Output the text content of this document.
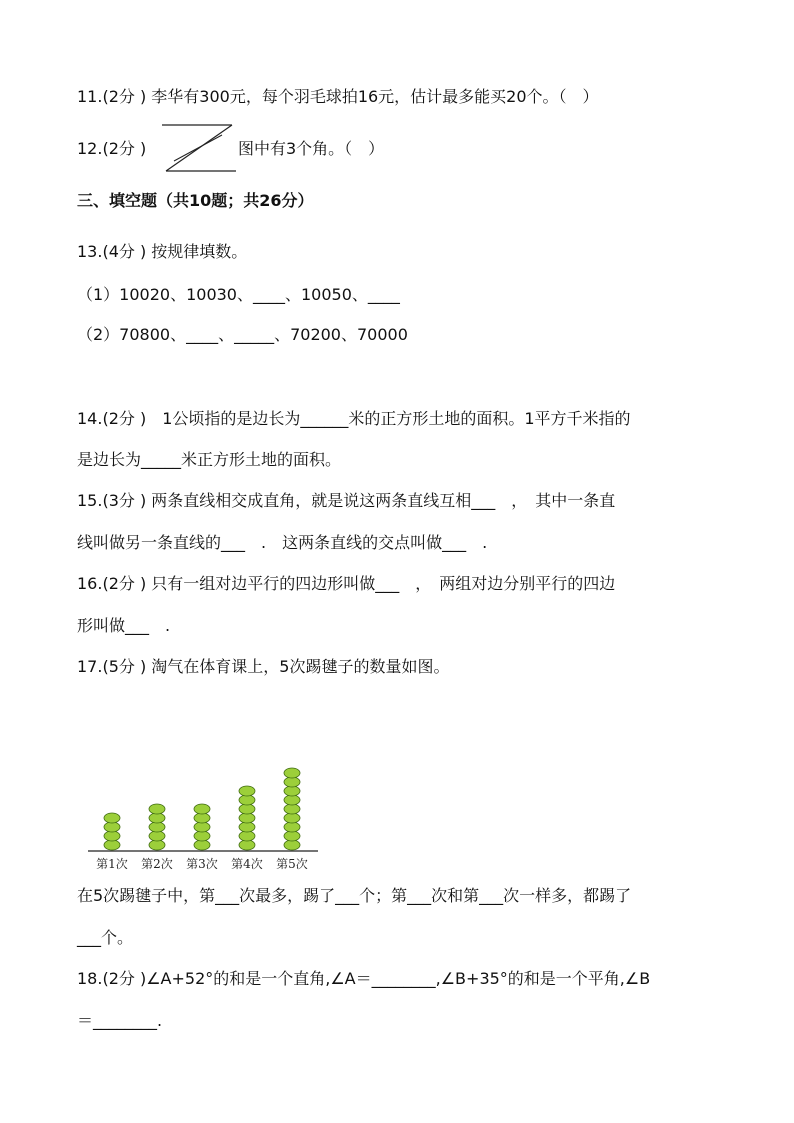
11.(2分 ) 李华有300元，每个羽毛球拍16元，估计最多能买20个。（　）
12.(2分 )	图中有3个角。（　）
三、填空题（共10题；共26分）
13.(4分 ) 按规律填数。
（1）10020、10030、____、10050、____
（2）70800、____、_____、70200、70000
14.(2分 )　1公顷指的是边长为______米的正方形土地的面积。1平方千米指的
是边长为_____米正方形土地的面积。
15.(3分 ) 两条直线相交成直角，就是说这两条直线互相___　，　其中一条直
线叫做另一条直线的___　.　这两条直线的交点叫做___　.
16.(2分 ) 只有一组对边平行的四边形叫做___　，　两组对边分别平行的四边
形叫做___　.
17.(5分 ) 淘气在体育课上，5次踢毽子的数量如图。
第1次 第2次 第3次 第4次 第5次
在5次踢毽子中，第___次最多，踢了___个；第___次和第___次一样多，都踢了
___个。
18.(2分 )∠A+52°的和是一个直角,∠A＝________,∠B+35°的和是一个平角,∠B
＝________.
